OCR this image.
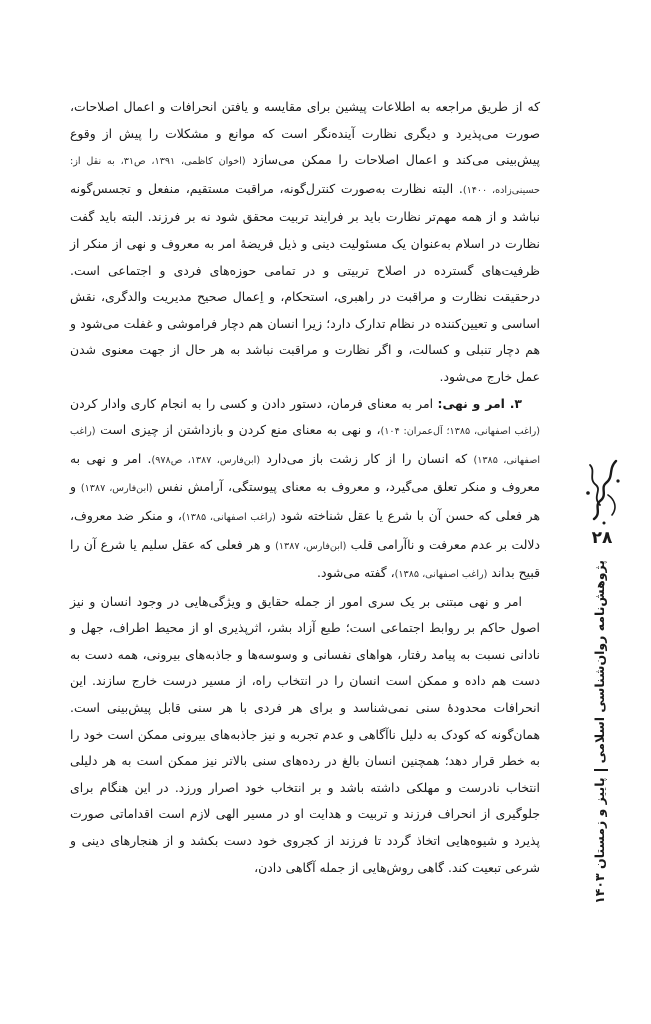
که از طریق مراجعه به اطلاعات پیشین برای مقایسه و یافتن انحرافات و اعمال اصلاحات، صورت می‌پذیرد و دیگری نظارت آینده‌نگر است که موانع و مشکلات را پیش از وقوع پیش‌بینی می‌کند و اعمال اصلاحات را ممکن می‌سازد (اخوان کاظمی، ۱۳۹۱، ص۳۱، به نقل از: حسینی‌زاده، ۱۴۰۰). البته نظارت به‌صورت کنترل‌گونه، مراقبت مستقیم، منفعل و تجسس‌گونه نباشد و از همه مهم‌تر نظارت باید بر فرایند تربیت محقق شود نه بر فرزند. البته باید گفت نظارت در اسلام به‌عنوان یک مسئولیت دینی و ذیل فریضهٔ امر به معروف و نهی از منکر از ظرفیت‌های گسترده در اصلاح تربیتی و در تمامی حوزه‌های فردی و اجتماعی است. درحقیقت نظارت و مراقبت در راهبری، استحکام، و اِعمال صحیح مدیریت والدگری، نقش اساسی و تعیین‌کننده در نظام تدارک دارد؛ زیرا انسان هم دچار فراموشی و غفلت می‌شود و هم دچار تنبلی و کسالت، و اگر نظارت و مراقبت نباشد به هر حال از جهت معنوی شدن عمل خارج می‌شود.

۳. امر و نهی: امر به معنای فرمان، دستور دادن و کسی را به انجام کاری وادار کردن (راغب اصفهانی، ۱۳۸۵؛ آل‌عمران: ۱۰۴)، و نهی به معنای منع کردن و بازداشتن از چیزی است (راغب اصفهانی، ۱۳۸۵) که انسان را از کار زشت باز می‌دارد (ابن‌فارس، ۱۳۸۷، ص۹۷۸). امر و نهی به معروف و منکر تعلق می‌گیرد، و معروف به معنای پیوستگی، آرامش نفس (ابن‌فارس، ۱۳۸۷) و هر فعلی که حسن آن با شرع یا عقل شناخته شود (راغب اصفهانی، ۱۳۸۵)، و منکر ضد معروف، دلالت بر عدم معرفت و ناآرامی قلب (ابن‌فارس، ۱۳۸۷) و هر فعلی که عقل سلیم یا شرع آن را قبیح بداند (راغب اصفهانی، ۱۳۸۵)، گفته می‌شود.

امر و نهی مبتنی بر یک سری امور از جمله حقایق و ویژگی‌هایی در وجود انسان و نیز اصول حاکم بر روابط اجتماعی است؛ طبع آزاد بشر، اثرپذیری او از محیط اطراف، جهل و نادانی نسبت به پیامد رفتار، هواهای نفسانی و وسوسه‌ها و جاذبه‌های بیرونی، همه دست به دست هم داده و ممکن است انسان را در انتخاب راه، از مسیر درست خارج سازند. این انحرافات محدودهٔ سنی نمی‌شناسد و برای هر فردی با هر سنی قابل پیش‌بینی است. همان‌گونه که کودک به دلیل ناآگاهی و عدم تجربه و نیز جاذبه‌های بیرونی ممکن است خود را به خطر قرار دهد؛ همچنین انسان بالغ در رده‌های سنی بالاتر نیز ممکن است به هر دلیلی انتخاب نادرست و مهلکی داشته باشد و بر انتخاب خود اصرار ورزد. در این هنگام برای جلوگیری از انحراف فرزند و تربیت و هدایت او در مسیر الهی لازم است اقداماتی صورت پذیرد و شیوه‌هایی اتخاذ گردد تا فرزند از کجروی خود دست بکشد و از هنجارهای دینی و شرعی تبعیت کند. گاهی روش‌هایی از جمله آگاهی دادن،

۲۸
پژوهش‌نامه روان‌شناسی اسلامیپاییز و زمستان ۱۴۰۳
